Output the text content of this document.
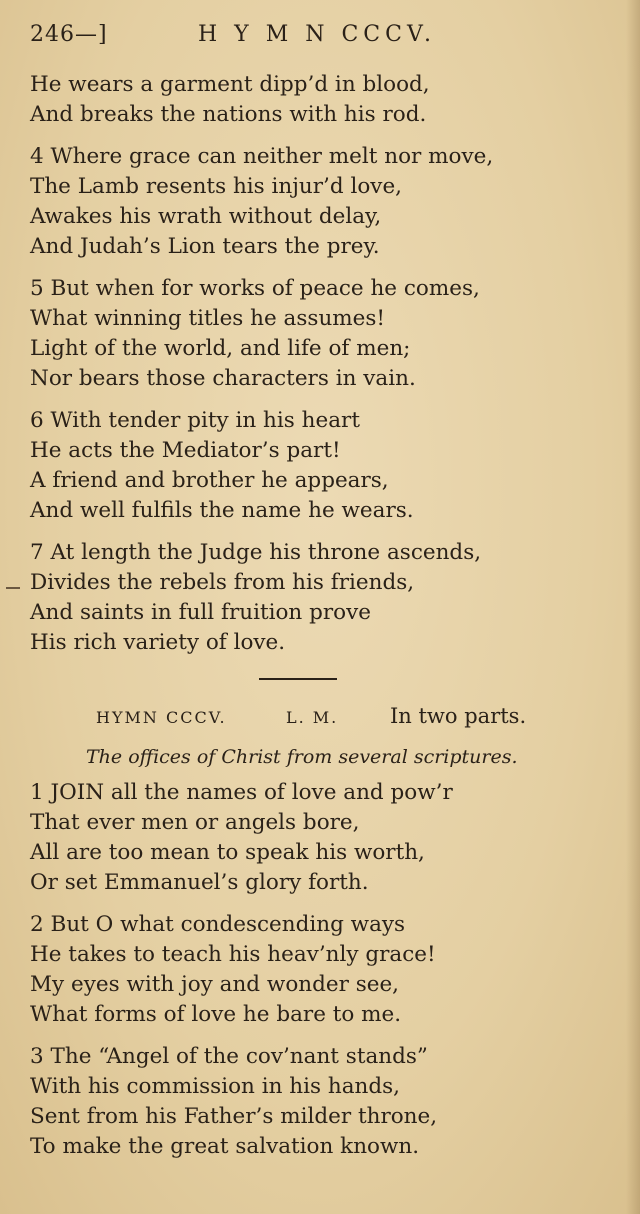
246—]	H Y M N CCCV.
He wears a garment dipp’d in blood,
And breaks the nations with his rod.
4 Where grace can neither melt nor move,
The Lamb resents his injur’d love,
Awakes his wrath without delay,
And Judah’s Lion tears the prey.
5 But when for works of peace he comes,
What winning titles he assumes!
Light of the world, and life of men;
Nor bears those characters in vain.
6 With tender pity in his heart
He acts the Mediator’s part!
A friend and brother he appears,
And well fulfils the name he wears.
7 At length the Judge his throne ascends,
Divides the rebels from his friends,
And saints in full fruition prove
His rich variety of love.
HYMN CCCV.	L. M. In two parts.
The offices of Christ from several scriptures.
1 JOIN all the names of love and pow’r
That ever men or angels bore,
All are too mean to speak his worth,
Or set Emmanuel’s glory forth.
2 But O what condescending ways
He takes to teach his heav’nly grace!
My eyes with joy and wonder see,
What forms of love he bare to me.
3 The “Angel of the cov’nant stands”
With his commission in his hands,
Sent from his Father’s milder throne,
To make the great salvation known.
